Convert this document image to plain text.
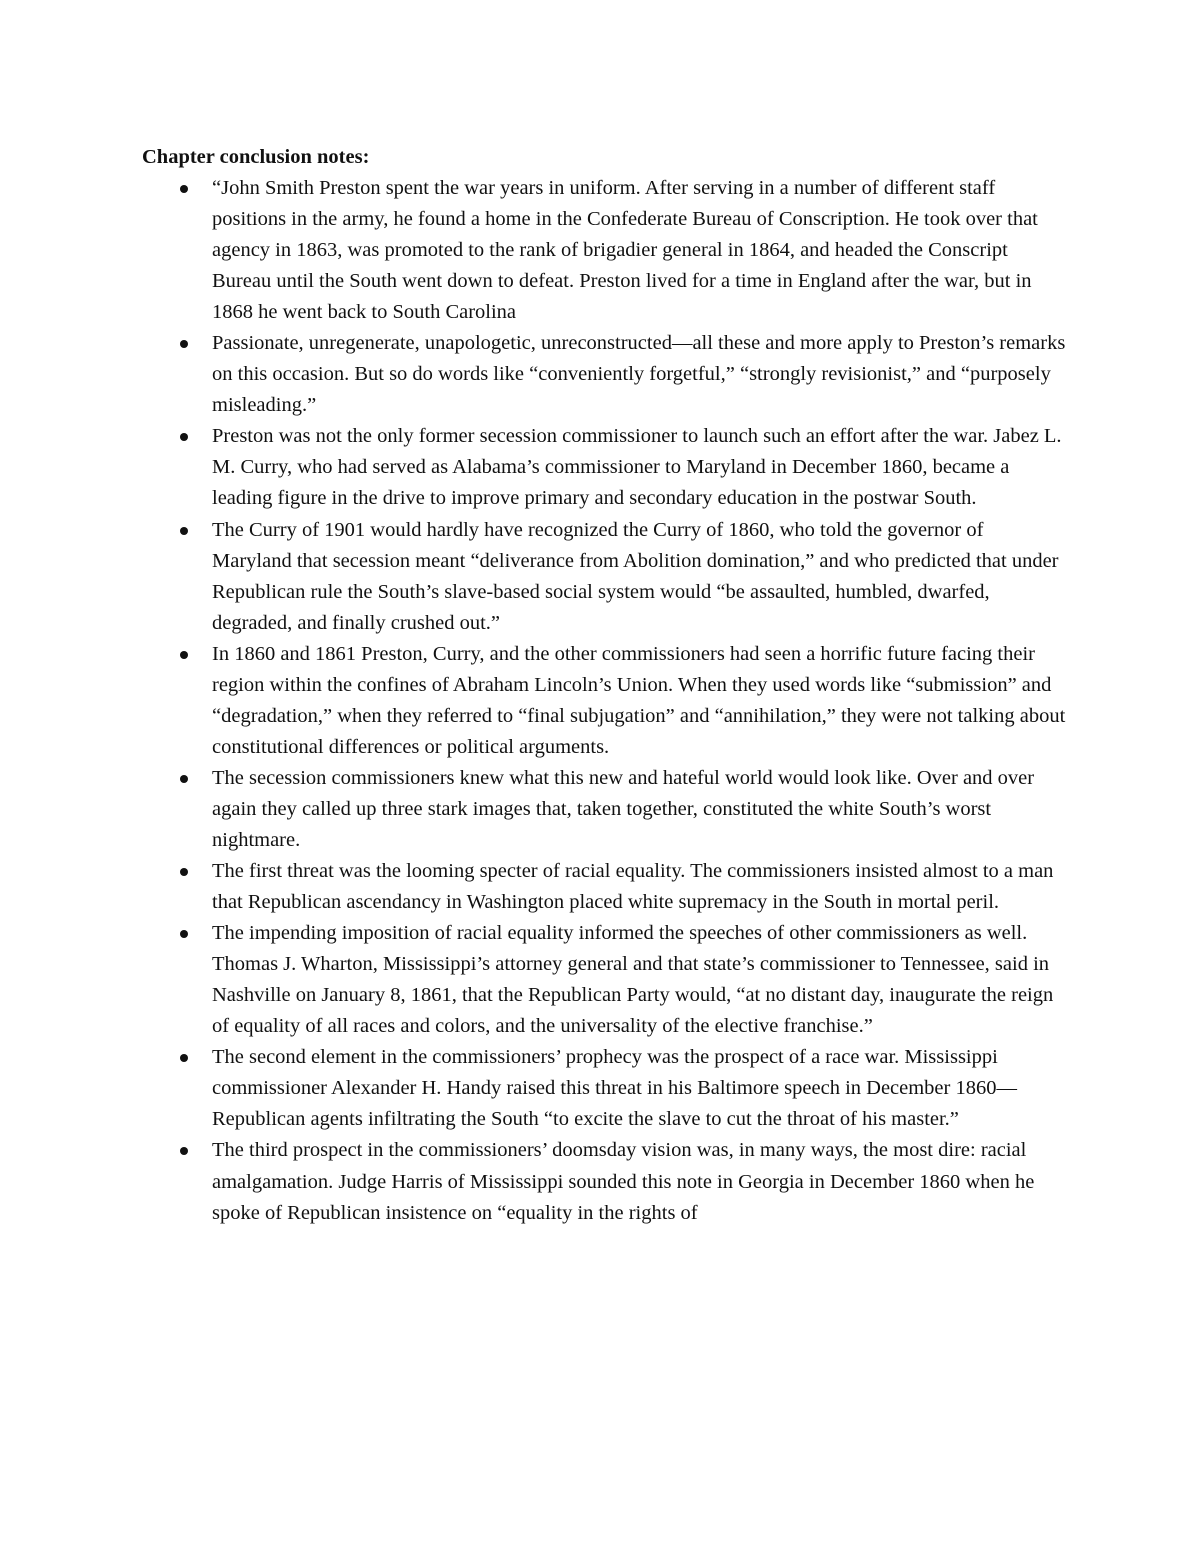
Chapter conclusion notes:
“John Smith Preston spent the war years in uniform. After serving in a number of different staff positions in the army, he found a home in the Confederate Bureau of Conscription. He took over that agency in 1863, was promoted to the rank of brigadier general in 1864, and headed the Conscript Bureau until the South went down to defeat. Preston lived for a time in England after the war, but in 1868 he went back to South Carolina
Passionate, unregenerate, unapologetic, unreconstructed—all these and more apply to Preston’s remarks on this occasion. But so do words like “conveniently forgetful,” “strongly revisionist,” and “purposely misleading.”
Preston was not the only former secession commissioner to launch such an effort after the war. Jabez L. M. Curry, who had served as Alabama’s commissioner to Maryland in December 1860, became a leading figure in the drive to improve primary and secondary education in the postwar South.
The Curry of 1901 would hardly have recognized the Curry of 1860, who told the governor of Maryland that secession meant “deliverance from Abolition domination,” and who predicted that under Republican rule the South’s slave-based social system would “be assaulted, humbled, dwarfed, degraded, and finally crushed out.”
In 1860 and 1861 Preston, Curry, and the other commissioners had seen a horrific future facing their region within the confines of Abraham Lincoln’s Union. When they used words like “submission” and “degradation,” when they referred to “final subjugation” and “annihilation,” they were not talking about constitutional differences or political arguments.
The secession commissioners knew what this new and hateful world would look like. Over and over again they called up three stark images that, taken together, constituted the white South’s worst nightmare.
The first threat was the looming specter of racial equality. The commissioners insisted almost to a man that Republican ascendancy in Washington placed white supremacy in the South in mortal peril.
The impending imposition of racial equality informed the speeches of other commissioners as well. Thomas J. Wharton, Mississippi’s attorney general and that state’s commissioner to Tennessee, said in Nashville on January 8, 1861, that the Republican Party would, “at no distant day, inaugurate the reign of equality of all races and colors, and the universality of the elective franchise.”
The second element in the commissioners’ prophecy was the prospect of a race war. Mississippi commissioner Alexander H. Handy raised this threat in his Baltimore speech in December 1860—Republican agents infiltrating the South “to excite the slave to cut the throat of his master.”
The third prospect in the commissioners’ doomsday vision was, in many ways, the most dire: racial amalgamation. Judge Harris of Mississippi sounded this note in Georgia in December 1860 when he spoke of Republican insistence on “equality in the rights of
